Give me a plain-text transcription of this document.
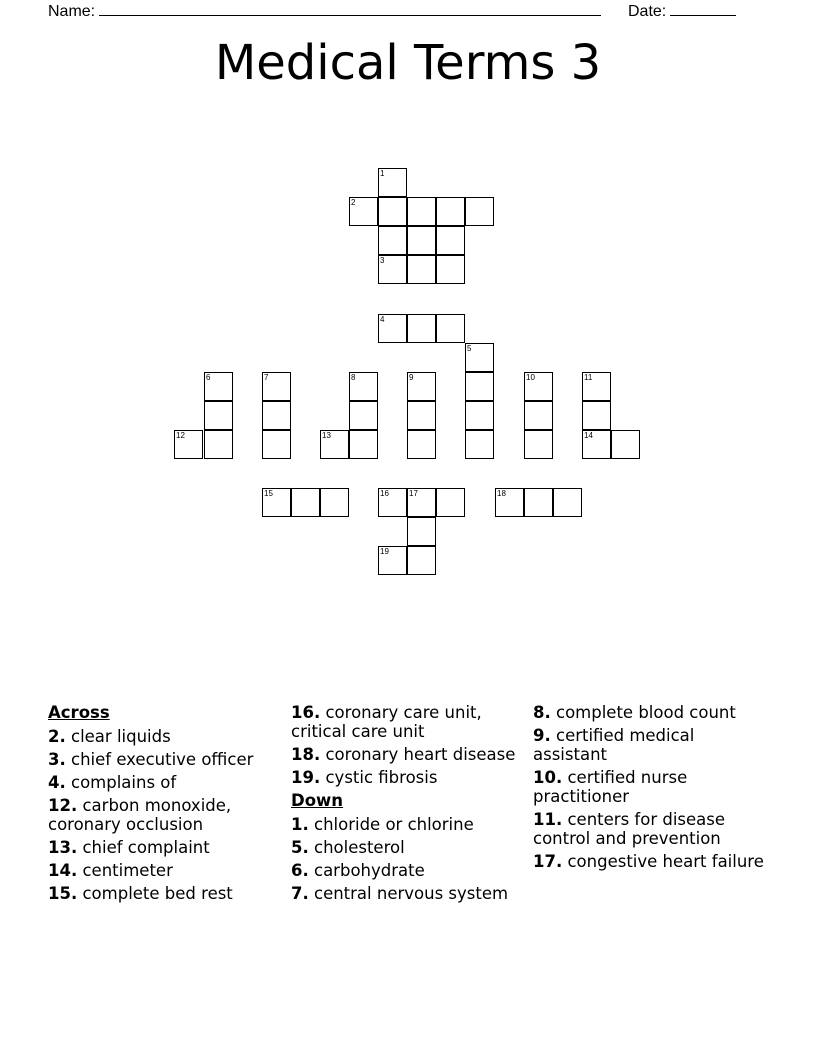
Name:	Date:
Medical Terms 3
1
2
3
4
5
6	7	8	9	10	11
12	13	14
15	16	17	18
19
Across
2. clear liquids
3. chief executive officer
4. complains of
12. carbon monoxide, coronary occlusion
13. chief complaint
14. centimeter
15. complete bed rest
16. coronary care unit, critical care unit
18. coronary heart disease
19. cystic fibrosis
Down
1. chloride or chlorine
5. cholesterol
6. carbohydrate
7. central nervous system
8. complete blood count
9. certified medical assistant
10. certified nurse practitioner
11. centers for disease control and prevention
17. congestive heart failure
